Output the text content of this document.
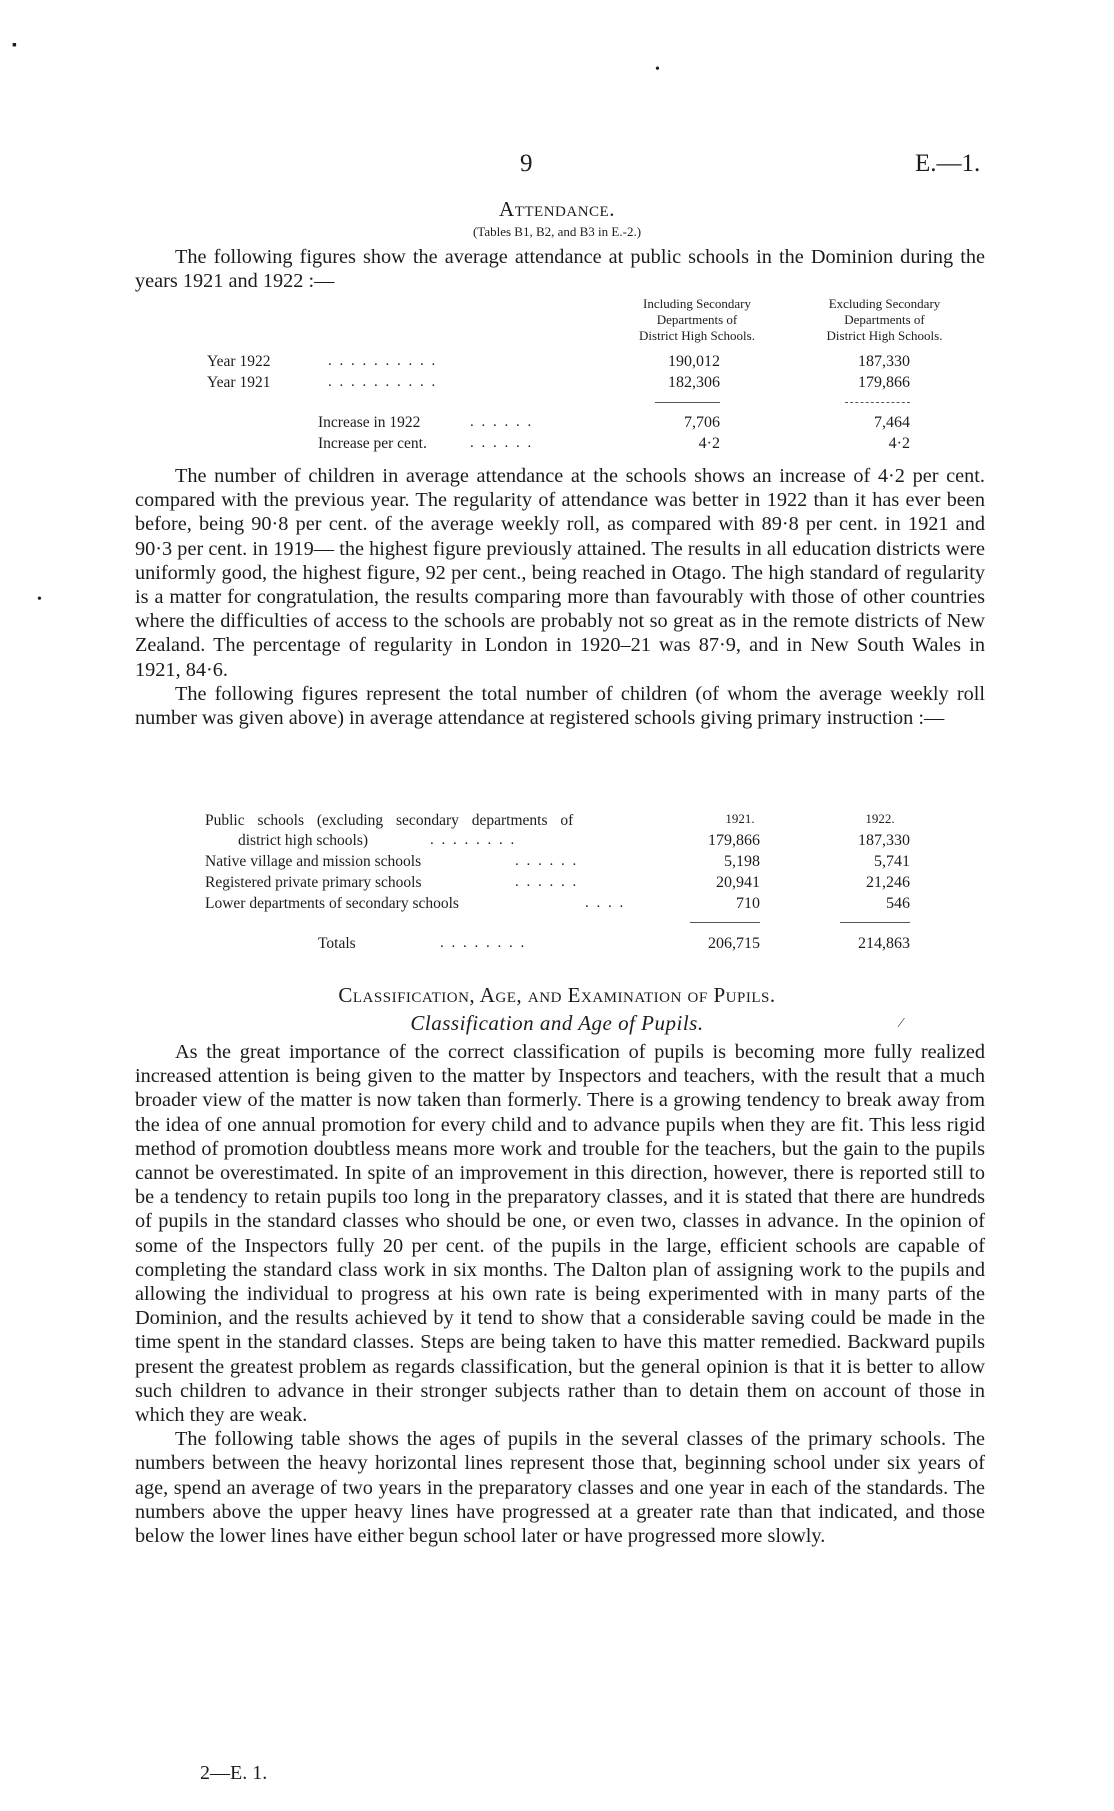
▪
•
•
9	E.—1.
Attendance.
(Tables B1, B2, and B3 in E.-2.)

The following figures show the average attendance at public schools in the Dominion during the years 1921 and 1922 :—

Including Secondary
Departments of
District High Schools.
Excluding Secondary
Departments of
District High Schools.
Year 1922	. . . . . . . . . .	190,012	187,330
Year 1921	. . . . . . . . . .	182,306	179,866
Increase in 1922	. . . . . .	7,706	7,464
Increase per cent.	. . . . . .	4·2	4·2

The number of children in average attendance at the schools shows an increase of 4·2 per cent. compared with the previous year. The regularity of attendance was better in 1922 than it has ever been before, being 90·8 per cent. of the average weekly roll, as compared with 89·8 per cent. in 1921 and 90·3 per cent. in 1919— the highest figure previously attained. The results in all education districts were uniformly good, the highest figure, 92 per cent., being reached in Otago. The high standard of regularity is a matter for congratulation, the results comparing more than favourably with those of other countries where the difficulties of access to the schools are probably not so great as in the remote districts of New Zealand. The percentage of regularity in London in 1920–21 was 87·9, and in New South Wales in 1921, 84·6.

The following figures represent the total number of children (of whom the average weekly roll number was given above) in average attendance at registered schools giving primary instruction :—

1921.	1922.
Public schools (excluding secondary departments of
district high schools)	. . . . . . . .	179,866	187,330
Native village and mission schools	. . . . . .	5,198	5,741
Registered private primary schools	. . . . . .	20,941	21,246
Lower departments of secondary schools	. . . .	710	546
Totals	. . . . . . . .	206,715	214,863
Classification, Age, and Examination of Pupils.
Classification and Age of Pupils.	⁄

As the great importance of the correct classification of pupils is becoming more fully realized increased attention is being given to the matter by Inspectors and teachers, with the result that a much broader view of the matter is now taken than formerly. There is a growing tendency to break away from the idea of one annual promotion for every child and to advance pupils when they are fit. This less rigid method of promotion doubtless means more work and trouble for the teachers, but the gain to the pupils cannot be overestimated. In spite of an improvement in this direction, however, there is reported still to be a tendency to retain pupils too long in the preparatory classes, and it is stated that there are hundreds of pupils in the standard classes who should be one, or even two, classes in advance. In the opinion of some of the Inspectors fully 20 per cent. of the pupils in the large, efficient schools are capable of completing the standard class work in six months. The Dalton plan of assigning work to the pupils and allowing the individual to progress at his own rate is being experimented with in many parts of the Dominion, and the results achieved by it tend to show that a considerable saving could be made in the time spent in the standard classes. Steps are being taken to have this matter remedied. Backward pupils present the greatest problem as regards classification, but the general opinion is that it is better to allow such children to advance in their stronger subjects rather than to detain them on account of those in which they are weak.

The following table shows the ages of pupils in the several classes of the primary schools. The numbers between the heavy horizontal lines represent those that, beginning school under six years of age, spend an average of two years in the preparatory classes and one year in each of the standards. The numbers above the upper heavy lines have progressed at a greater rate than that indicated, and those below the lower lines have either begun school later or have progressed more slowly.

2—E. 1.
